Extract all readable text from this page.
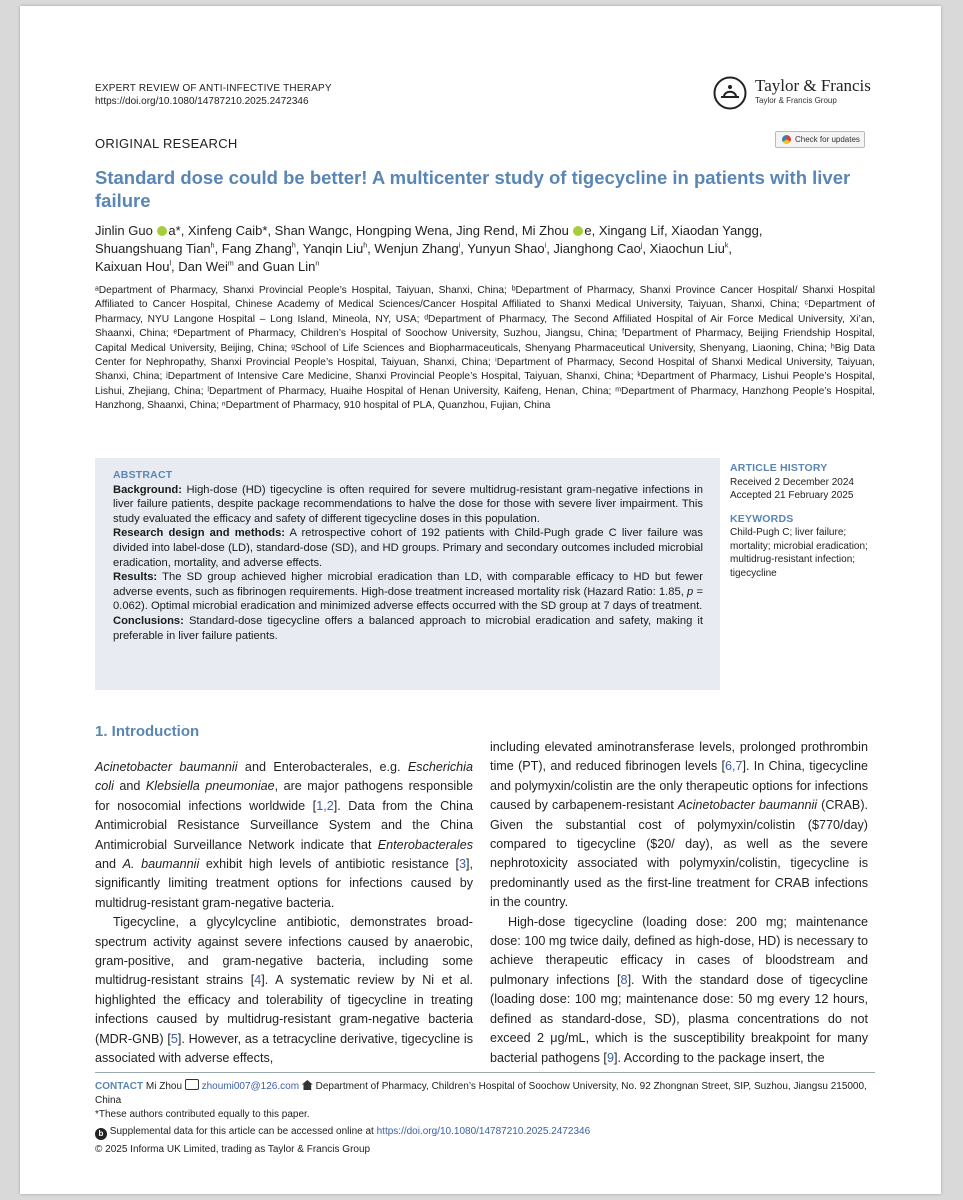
EXPERT REVIEW OF ANTI-INFECTIVE THERAPY
https://doi.org/10.1080/14787210.2025.2472346
Taylor & Francis
Taylor & Francis Group
ORIGINAL RESEARCH	Check for updates
Standard dose could be better! A multicenter study of tigecycline in patients with liver failure
Jinlin Guo a*, Xinfeng Caib*, Shan Wangc, Hongping Wena, Jing Rend, Mi Zhou e, Xingang Lif, Xiaodan Yangg,
Shuangshuang Tian$^h$, Fang Zhang$^h$, Yanqin Liu$^h$, Wenjun Zhang$^i$, Yunyun Shao$^i$, Jianghong Cao$^j$, Xiaochun Liu$^k$,
Kaixuan Hou$^l$, Dan Wei$^m$ and Guan Lin$^n$
ᵃDepartment of Pharmacy, Shanxi Provincial People’s Hospital, Taiyuan, Shanxi, China; ᵇDepartment of Pharmacy, Shanxi Province Cancer Hospital/ Shanxi Hospital Affiliated to Cancer Hospital, Chinese Academy of Medical Sciences/Cancer Hospital Affiliated to Shanxi Medical University, Taiyuan, Shanxi, China; ᶜDepartment of Pharmacy, NYU Langone Hospital – Long Island, Mineola, NY, USA; ᵈDepartment of Pharmacy, The Second Affiliated Hospital of Air Force Medical University, Xi’an, Shaanxi, China; ᵉDepartment of Pharmacy, Children’s Hospital of Soochow University, Suzhou, Jiangsu, China; ᶠDepartment of Pharmacy, Beijing Friendship Hospital, Capital Medical University, Beijing, China; ᵍSchool of Life Sciences and Biopharmaceuticals, Shenyang Pharmaceutical University, Shenyang, Liaoning, China; ʰBig Data Center for Nephropathy, Shanxi Provincial People’s Hospital, Taiyuan, Shanxi, China; ⁱDepartment of Pharmacy, Second Hospital of Shanxi Medical University, Taiyuan, Shanxi, China; ʲDepartment of Intensive Care Medicine, Shanxi Provincial People’s Hospital, Taiyuan, Shanxi, China; ᵏDepartment of Pharmacy, Lishui People’s Hospital, Lishui, Zhejiang, China; ˡDepartment of Pharmacy, Huaihe Hospital of Henan University, Kaifeng, Henan, China; ᵐDepartment of Pharmacy, Hanzhong People’s Hospital, Hanzhong, Shaanxi, China; ⁿDepartment of Pharmacy, 910 hospital of PLA, Quanzhou, Fujian, China
ABSTRACT

Background: High-dose (HD) tigecycline is often required for severe multidrug-resistant gram-negative infections in liver failure patients, despite package recommendations to halve the dose for those with severe liver impairment. This study evaluated the efficacy and safety of different tigecycline doses in this population.

Research design and methods: A retrospective cohort of 192 patients with Child-Pugh grade C liver failure was divided into label-dose (LD), standard-dose (SD), and HD groups. Primary and secondary outcomes included microbial eradication, mortality, and adverse effects.

Results: The SD group achieved higher microbial eradication than LD, with comparable efficacy to HD but fewer adverse events, such as fibrinogen requirements. High-dose treatment increased mortality risk (Hazard Ratio: 1.85, p = 0.062). Optimal microbial eradication and minimized adverse effects occurred with the SD group at 7 days of treatment.

Conclusions: Standard-dose tigecycline offers a balanced approach to microbial eradication and safety, making it preferable in liver failure patients.

ARTICLE HISTORY
Received 2 December 2024
Accepted 21 February 2025
KEYWORDS
Child-Pugh C; liver failure; mortality; microbial eradication; multidrug-resistant infection; tigecycline
1. Introduction

Acinetobacter baumannii and Enterobacterales, e.g. Escherichia coli and Klebsiella pneumoniae, are major pathogens responsible for nosocomial infections worldwide [1,2]. Data from the China Antimicrobial Resistance Surveillance System and the China Antimicrobial Surveillance Network indicate that Enterobacterales and A. baumannii exhibit high levels of antibiotic resistance [3], significantly limiting treatment options for infections caused by multidrug-resistant gram-negative bacteria.

Tigecycline, a glycylcycline antibiotic, demonstrates broad-spectrum activity against severe infections caused by anaerobic, gram-positive, and gram-negative bacteria, including some multidrug-resistant strains [4]. A systematic review by Ni et al. highlighted the efficacy and tolerability of tigecycline in treating infections caused by multidrug-resistant gram-negative bacteria (MDR-GNB) [5]. However, as a tetracycline derivative, tigecycline is associated with adverse effects,

including elevated aminotransferase levels, prolonged prothrombin time (PT), and reduced fibrinogen levels [6,7]. In China, tigecycline and polymyxin/colistin are the only therapeutic options for infections caused by carbapenem-resistant Acinetobacter baumannii (CRAB). Given the substantial cost of polymyxin/colistin ($770/day) compared to tigecycline ($20/ day), as well as the severe nephrotoxicity associated with polymyxin/colistin, tigecycline is predominantly used as the first-line treatment for CRAB infections in the country.

High-dose tigecycline (loading dose: 200 mg; maintenance dose: 100 mg twice daily, defined as high-dose, HD) is necessary to achieve therapeutic efficacy in cases of bloodstream and pulmonary infections [8]. With the standard dose of tigecycline (loading dose: 100 mg; maintenance dose: 50 mg every 12 hours, defined as standard-dose, SD), plasma concentrations do not exceed 2 μg/mL, which is the susceptibility breakpoint for many bacterial pathogens [9]. According to the package insert, the

CONTACT Mi Zhou  zhoumi007@126.com  Department of Pharmacy, Children’s Hospital of Soochow University, No. 92 Zhongnan Street, SIP, Suzhou, Jiangsu 215000, China
*These authors contributed equally to this paper.
b Supplemental data for this article can be accessed online at https://doi.org/10.1080/14787210.2025.2472346
© 2025 Informa UK Limited, trading as Taylor & Francis Group
